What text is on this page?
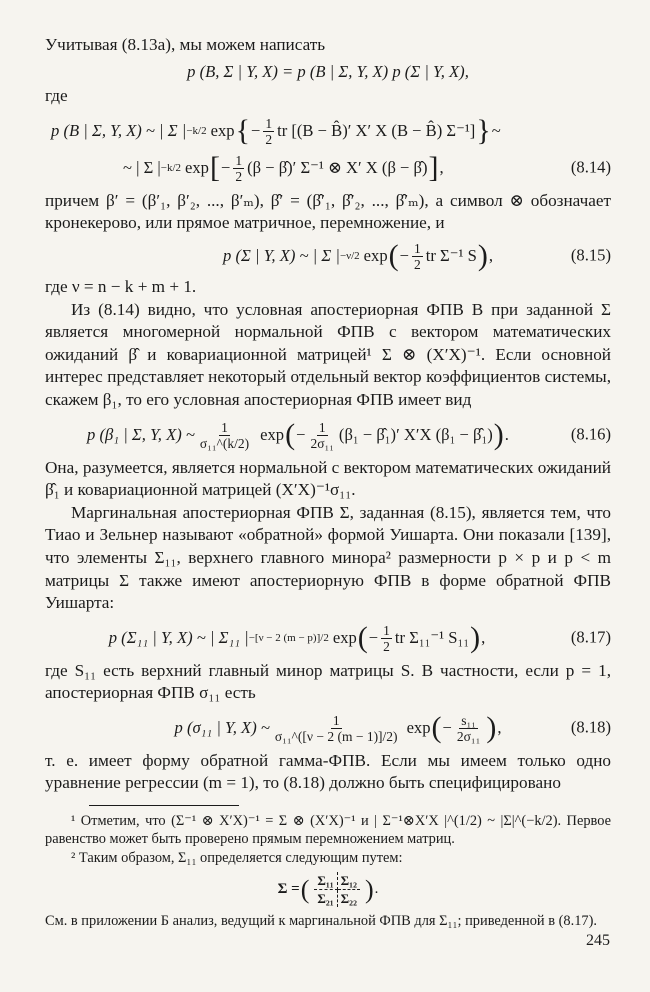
Учитывая (8.13а), мы можем написать

p (B, Σ | Y, X) = p (B | Σ, Y, X) p (Σ | Y, X),

где

p (B | Σ, Y, X) ~ | Σ | −k/2 exp { − $\frac{1}{2}$ tr [(B − B̂)′ X′ X (B − B̂) Σ⁻¹] } ~
~ | Σ | −k/2 exp [ − $\frac{1}{2} (\beta$ − β̂)′ Σ⁻¹ ⊗ X′ X (β − β̂) ] ,	(8.14)

причем β′ = (β′₁, β′₂, ..., β′ₘ), β̂′ = (β̂′₁, β̂′₂, ..., β̂′ₘ), а символ ⊗ обозначает кронекерово, или прямое матричное, перемножение, и

p (Σ | Y, X) ~ | Σ | −ν/2 exp ( − $\frac{1}{2}$ tr Σ⁻¹ S ) ,	(8.15)

где ν = n − k + m + 1.

Из (8.14) видно, что условная апостериорная ФПВ B при заданной Σ является многомерной нормальной ФПВ с вектором математических ожиданий β̂ и ковариационной матрицей¹ Σ ⊗ (X′X)⁻¹. Если основной интерес представляет некоторый отдельный вектор коэффициентов системы, скажем β₁, то его условная апостериорная ФПВ имеет вид

p (β₁ | Σ, Y, X) ~ $\frac{1}{\text{σ₁₁\textasciicircum{}(k/2)}}$ exp ( − $\frac{1}{\text{2σ₁₁}} (\beta_1$ − β̂₁)′ X′X (β₁ − β̂₁) ) .	(8.16)

Она, разумеется, является нормальной с вектором математических ожиданий β̂₁ и ковариационной матрицей (X′X)⁻¹σ₁₁.

Маргинальная апостериорная ФПВ Σ, заданная (8.15), является тем, что Тиао и Зельнер называют «обратной» формой Уишарта. Они показали [139], что элементы Σ₁₁, верхнего главного минора² размерности p × p и p < m матрицы Σ также имеют апостериорную ФПВ в форме обратной ФПВ Уишарта:

p (Σ₁₁ | Y, X) ~ | Σ₁₁ | −[ν − 2 (m − p)]/2 exp ( − $\frac{1}{2}$ tr Σ₁₁⁻¹ S₁₁ ) ,	(8.17)

где S₁₁ есть верхний главный минор матрицы S. В частности, если p = 1, апостериорная ФПВ σ₁₁ есть

p (σ₁₁ | Y, X) ~ $\frac{1}{\text{σ₁₁\textasciicircum{}([ν − 2 (m − 1)]/2)}}$ exp ( − $\frac{\text{s₁₁}}{\text{2σ₁₁}}$ ) ,	(8.18)

т. е. имеет форму обратной гамма-ФПВ. Если мы имеем только одно уравнение регрессии (m = 1), то (8.18) должно быть специфицировано

¹ Отметим, что (Σ⁻¹ ⊗ X′X)⁻¹ = Σ ⊗ (X′X)⁻¹ и | Σ⁻¹⊗X′X |^(1/2) ~ |Σ|^(−k/2). Первое равенство может быть проверено прямым перемножением матриц.

² Таким образом, Σ₁₁ определяется следующим путем:

Σ = ( Σ₁₁ Σ₁₂
Σ₂₁ Σ₂₂ ) .

См. в приложении Б анализ, ведущий к маргинальной ФПВ для Σ₁₁; приведенной в (8.17).

245
